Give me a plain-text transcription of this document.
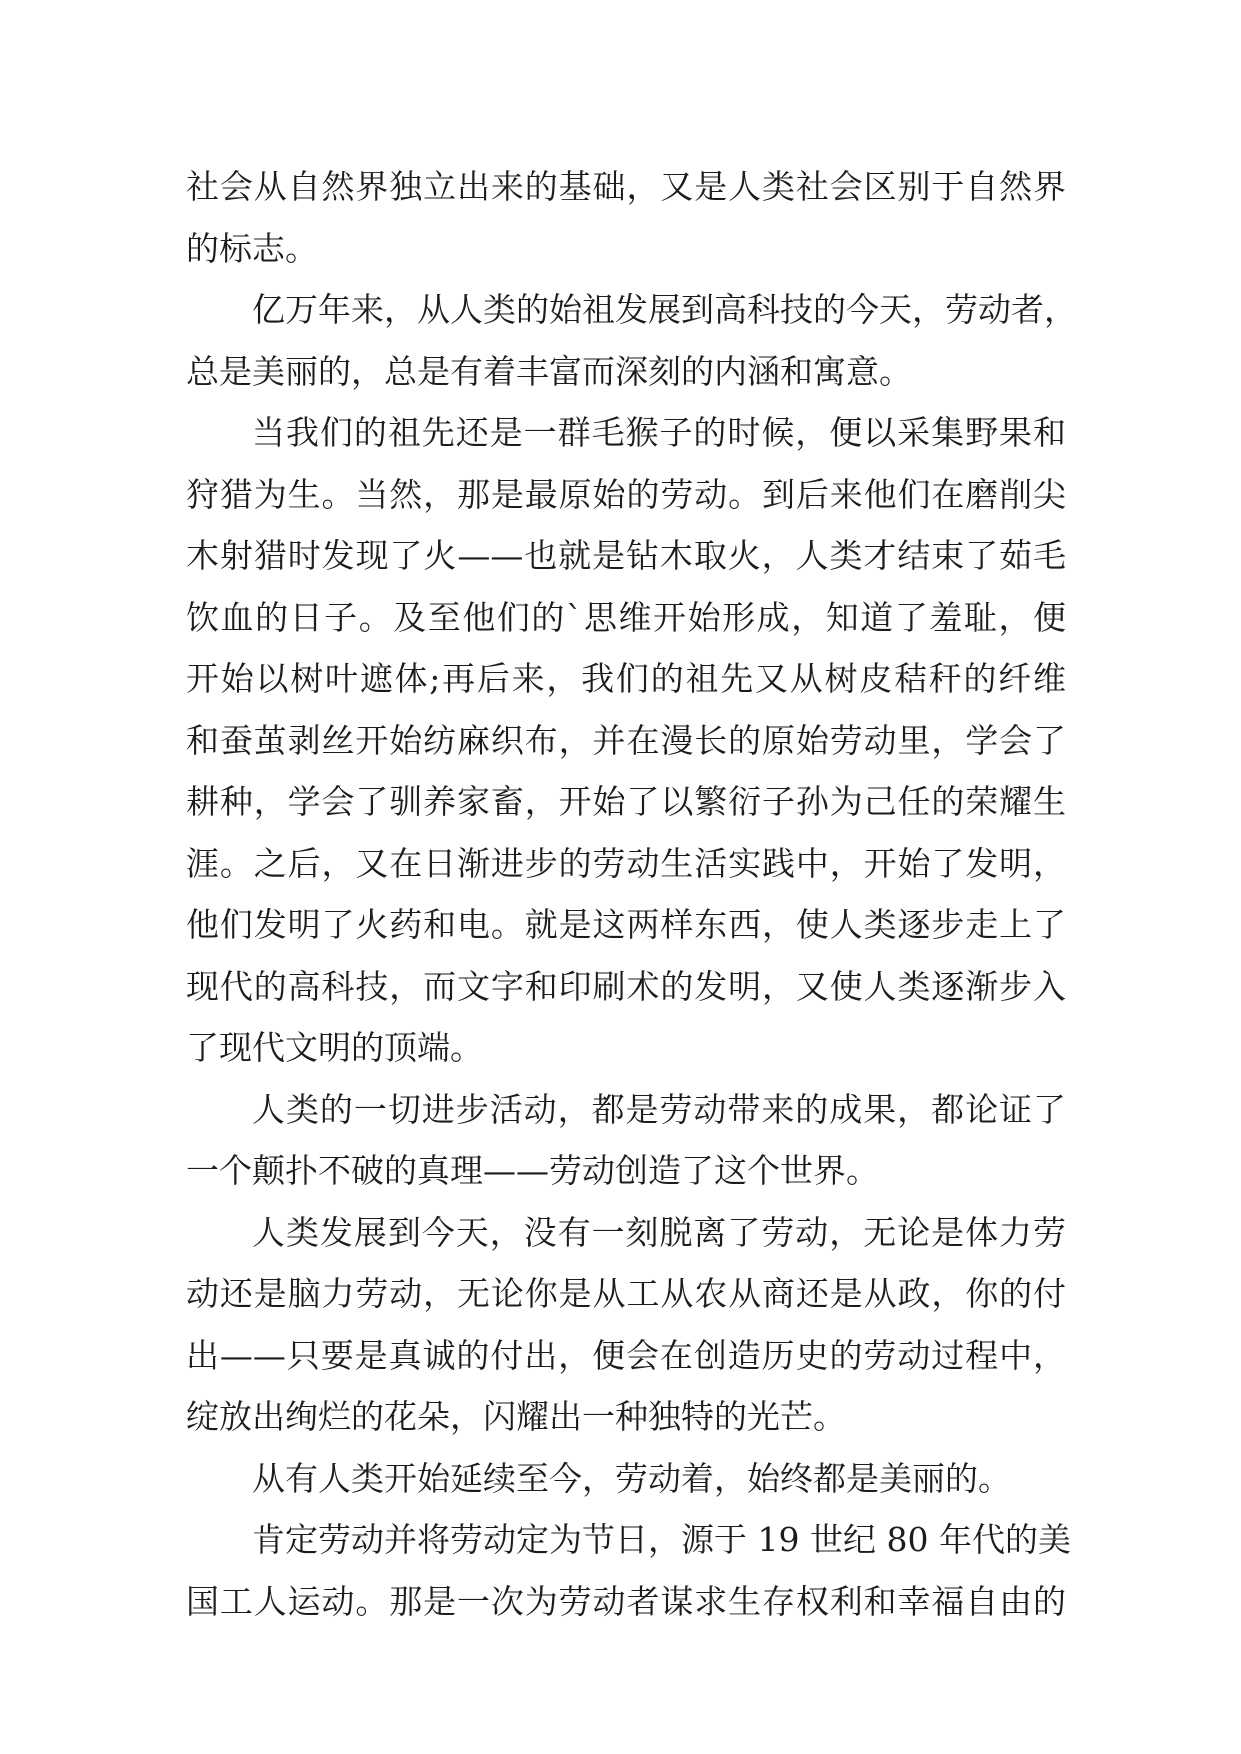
社会从自然界独立出来的基础，又是人类社会区别于自然界
的标志。
亿万年来，从人类的始祖发展到高科技的今天，劳动者，
总是美丽的，总是有着丰富而深刻的内涵和寓意。
当我们的祖先还是一群毛猴子的时候，便以采集野果和
狩猎为生。当然，那是最原始的劳动。到后来他们在磨削尖
木射猎时发现了火——也就是钻木取火，人类才结束了茹毛
饮血的日子。及至他们的`思维开始形成，知道了羞耻，便
开始以树叶遮体;再后来，我们的祖先又从树皮秸秆的纤维
和蚕茧剥丝开始纺麻织布，并在漫长的原始劳动里，学会了
耕种，学会了驯养家畜，开始了以繁衍子孙为己任的荣耀生
涯。之后，又在日渐进步的劳动生活实践中，开始了发明，
他们发明了火药和电。就是这两样东西，使人类逐步走上了
现代的高科技，而文字和印刷术的发明，又使人类逐渐步入
了现代文明的顶端。
人类的一切进步活动，都是劳动带来的成果，都论证了
一个颠扑不破的真理——劳动创造了这个世界。
人类发展到今天，没有一刻脱离了劳动，无论是体力劳
动还是脑力劳动，无论你是从工从农从商还是从政，你的付
出——只要是真诚的付出，便会在创造历史的劳动过程中，
绽放出绚烂的花朵，闪耀出一种独特的光芒。
从有人类开始延续至今，劳动着，始终都是美丽的。
肯定劳动并将劳动定为节日，源于 19 世纪 80 年代的美
国工人运动。那是一次为劳动者谋求生存权利和幸福自由的
